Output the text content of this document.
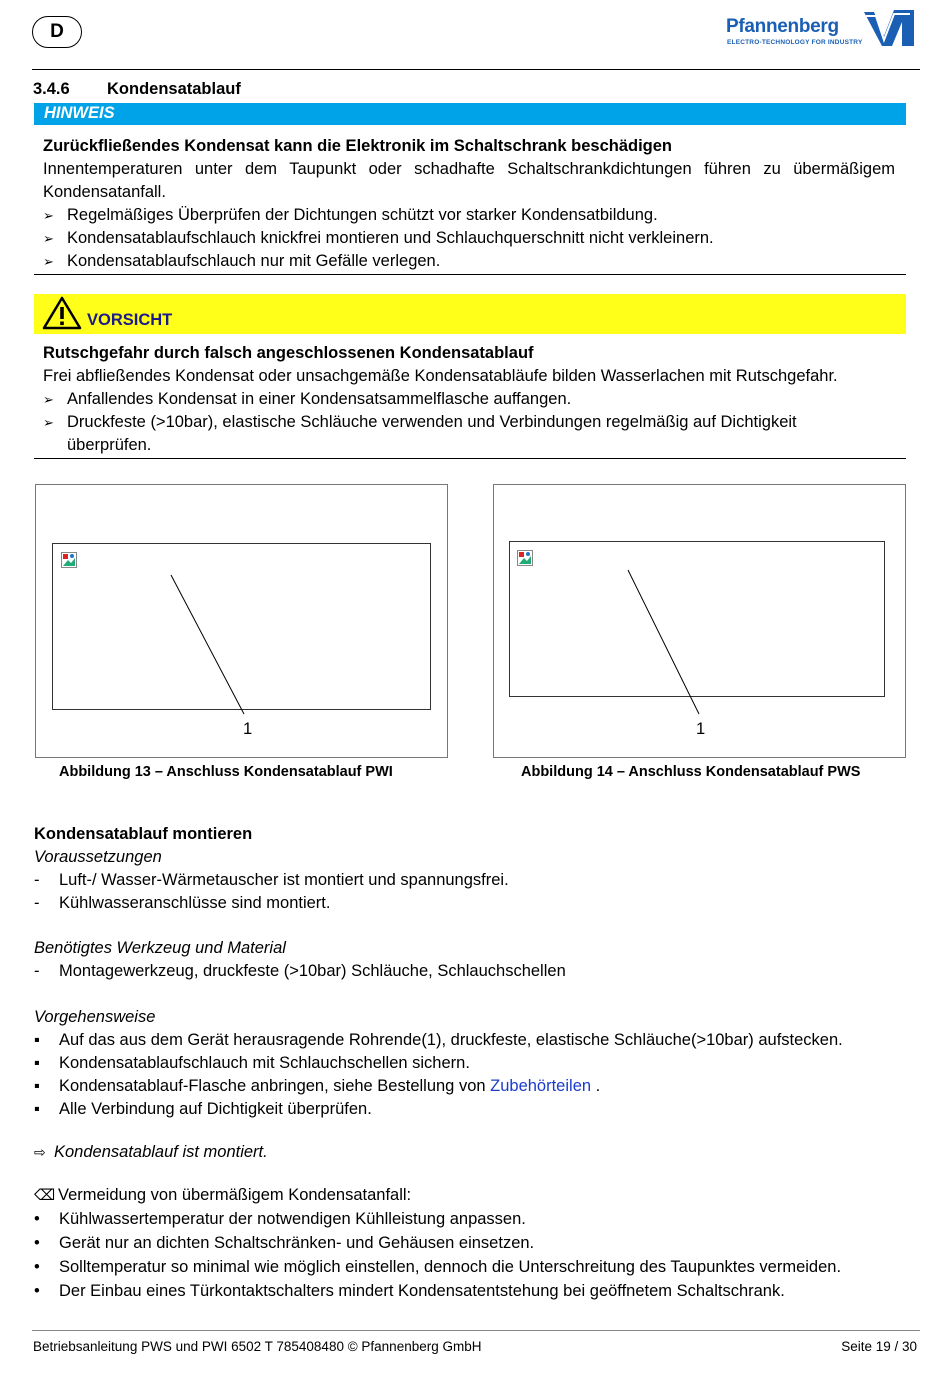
D	Pfannenberg
ELECTRO-TECHNOLOGY FOR INDUSTRY
3.4.6 Kondensatablauf
HINWEIS
Zurückfließendes Kondensat kann die Elektronik im Schaltschrank beschädigen
Innentemperaturen unter dem Taupunkt oder schadhafte Schaltschrankdichtungen führen zu übermäßigem
Kondensatanfall.
➢ Regelmäßiges Überprüfen der Dichtungen schützt vor starker Kondensatbildung.
➢ Kondensatablaufschlauch knickfrei montieren und Schlauchquerschnitt nicht verkleinern.
➢ Kondensatablaufschlauch nur mit Gefälle verlegen.
VORSICHT
Rutschgefahr durch falsch angeschlossenen Kondensatablauf
Frei abfließendes Kondensat oder unsachgemäße Kondensatabläufe bilden Wasserlachen mit Rutschgefahr.
➢ Anfallendes Kondensat in einer Kondensatsammelflasche auffangen.
➢ Druckfeste (>10bar), elastische Schläuche verwenden und Verbindungen regelmäßig auf Dichtigkeit
überprüfen.
1
Abbildung 13 – Anschluss Kondensatablauf PWI
1
Abbildung 14 – Anschluss Kondensatablauf PWS
Kondensatablauf montieren
Voraussetzungen
- Luft-/ Wasser-Wärmetauscher ist montiert und spannungsfrei.
- Kühlwasseranschlüsse sind montiert.
Benötigtes Werkzeug und Material
- Montagewerkzeug, druckfeste (>10bar) Schläuche, Schlauchschellen
Vorgehensweise
▪ Auf das aus dem Gerät herausragende Rohrende(1), druckfeste, elastische Schläuche(>10bar) aufstecken.
▪ Kondensatablaufschlauch mit Schlauchschellen sichern.
▪ Kondensatablauf-Flasche anbringen, siehe Bestellung von Zubehörteilen .
▪ Alle Verbindung auf Dichtigkeit überprüfen.
⇨ Kondensatablauf ist montiert.
⌫ Vermeidung von übermäßigem Kondensatanfall:
• Kühlwassertemperatur der notwendigen Kühlleistung anpassen.
• Gerät nur an dichten Schaltschränken- und Gehäusen einsetzen.
• Solltemperatur so minimal wie möglich einstellen, dennoch die Unterschreitung des Taupunktes vermeiden.
• Der Einbau eines Türkontaktschalters mindert Kondensatentstehung bei geöffnetem Schaltschrank.
Betriebsanleitung PWS und PWI 6502 T 785408480 © Pfannenberg GmbH	Seite 19 / 30
